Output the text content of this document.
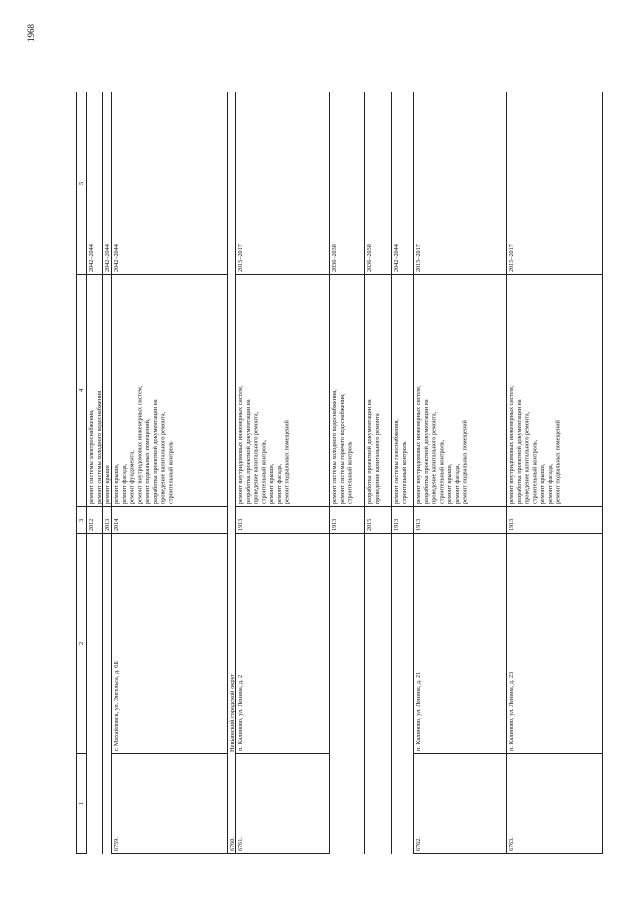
1968
1
2
3
4
5
2012
ремонт системы электроснабжения, ремонт системы холодного водоснабжения
2042–2044
2013
ремонт крыши
2042–2044
6759.
г. Михайловск, ул. Энгельса, д. 6Б
2014
ремонт крыши, ремонт фасада, ремонт фундамента, ремонт внутридомовых инженерных систем, ремонт подвальных помещений, разработка проектной документации на проведение капитального ремонта, строительный контроль
2042–2044
6760.
Невьянский городской округ
6761.
п. Калиново, ул. Ленина, д. 2
1913
ремонт внутридомовых инженерных систем, разработка проектной документации на проведение капитального ремонта, строительный контроль, ремонт крыши, ремонт фасада, ремонт подвальных помещений
2015–2017
1913
ремонт системы холодного водоснабжения, ремонт системы горячего водоснабжения, строительный контроль
2036–2038
2015
разработка проектной документации на проведение капитального ремонта
2036–2038
1913
ремонт системы газоснабжения, строительный контроль
2042–2044
6762.
п. Калиново, ул. Ленина, д. 21
1913
ремонт внутридомовых инженерных систем, разработка проектной документации на проведение капитального ремонта, строительный контроль, ремонт крыши, ремонт фасада, ремонт подвальных помещений
2015–2017
6763.
п. Калиново, ул. Ленина, д. 23
1913
ремонт внутридомовых инженерных систем, разработка проектной документации на проведение капитального ремонта, строительный контроль, ремонт крыши, ремонт фасада, ремонт подвальных помещений
2015–2017
